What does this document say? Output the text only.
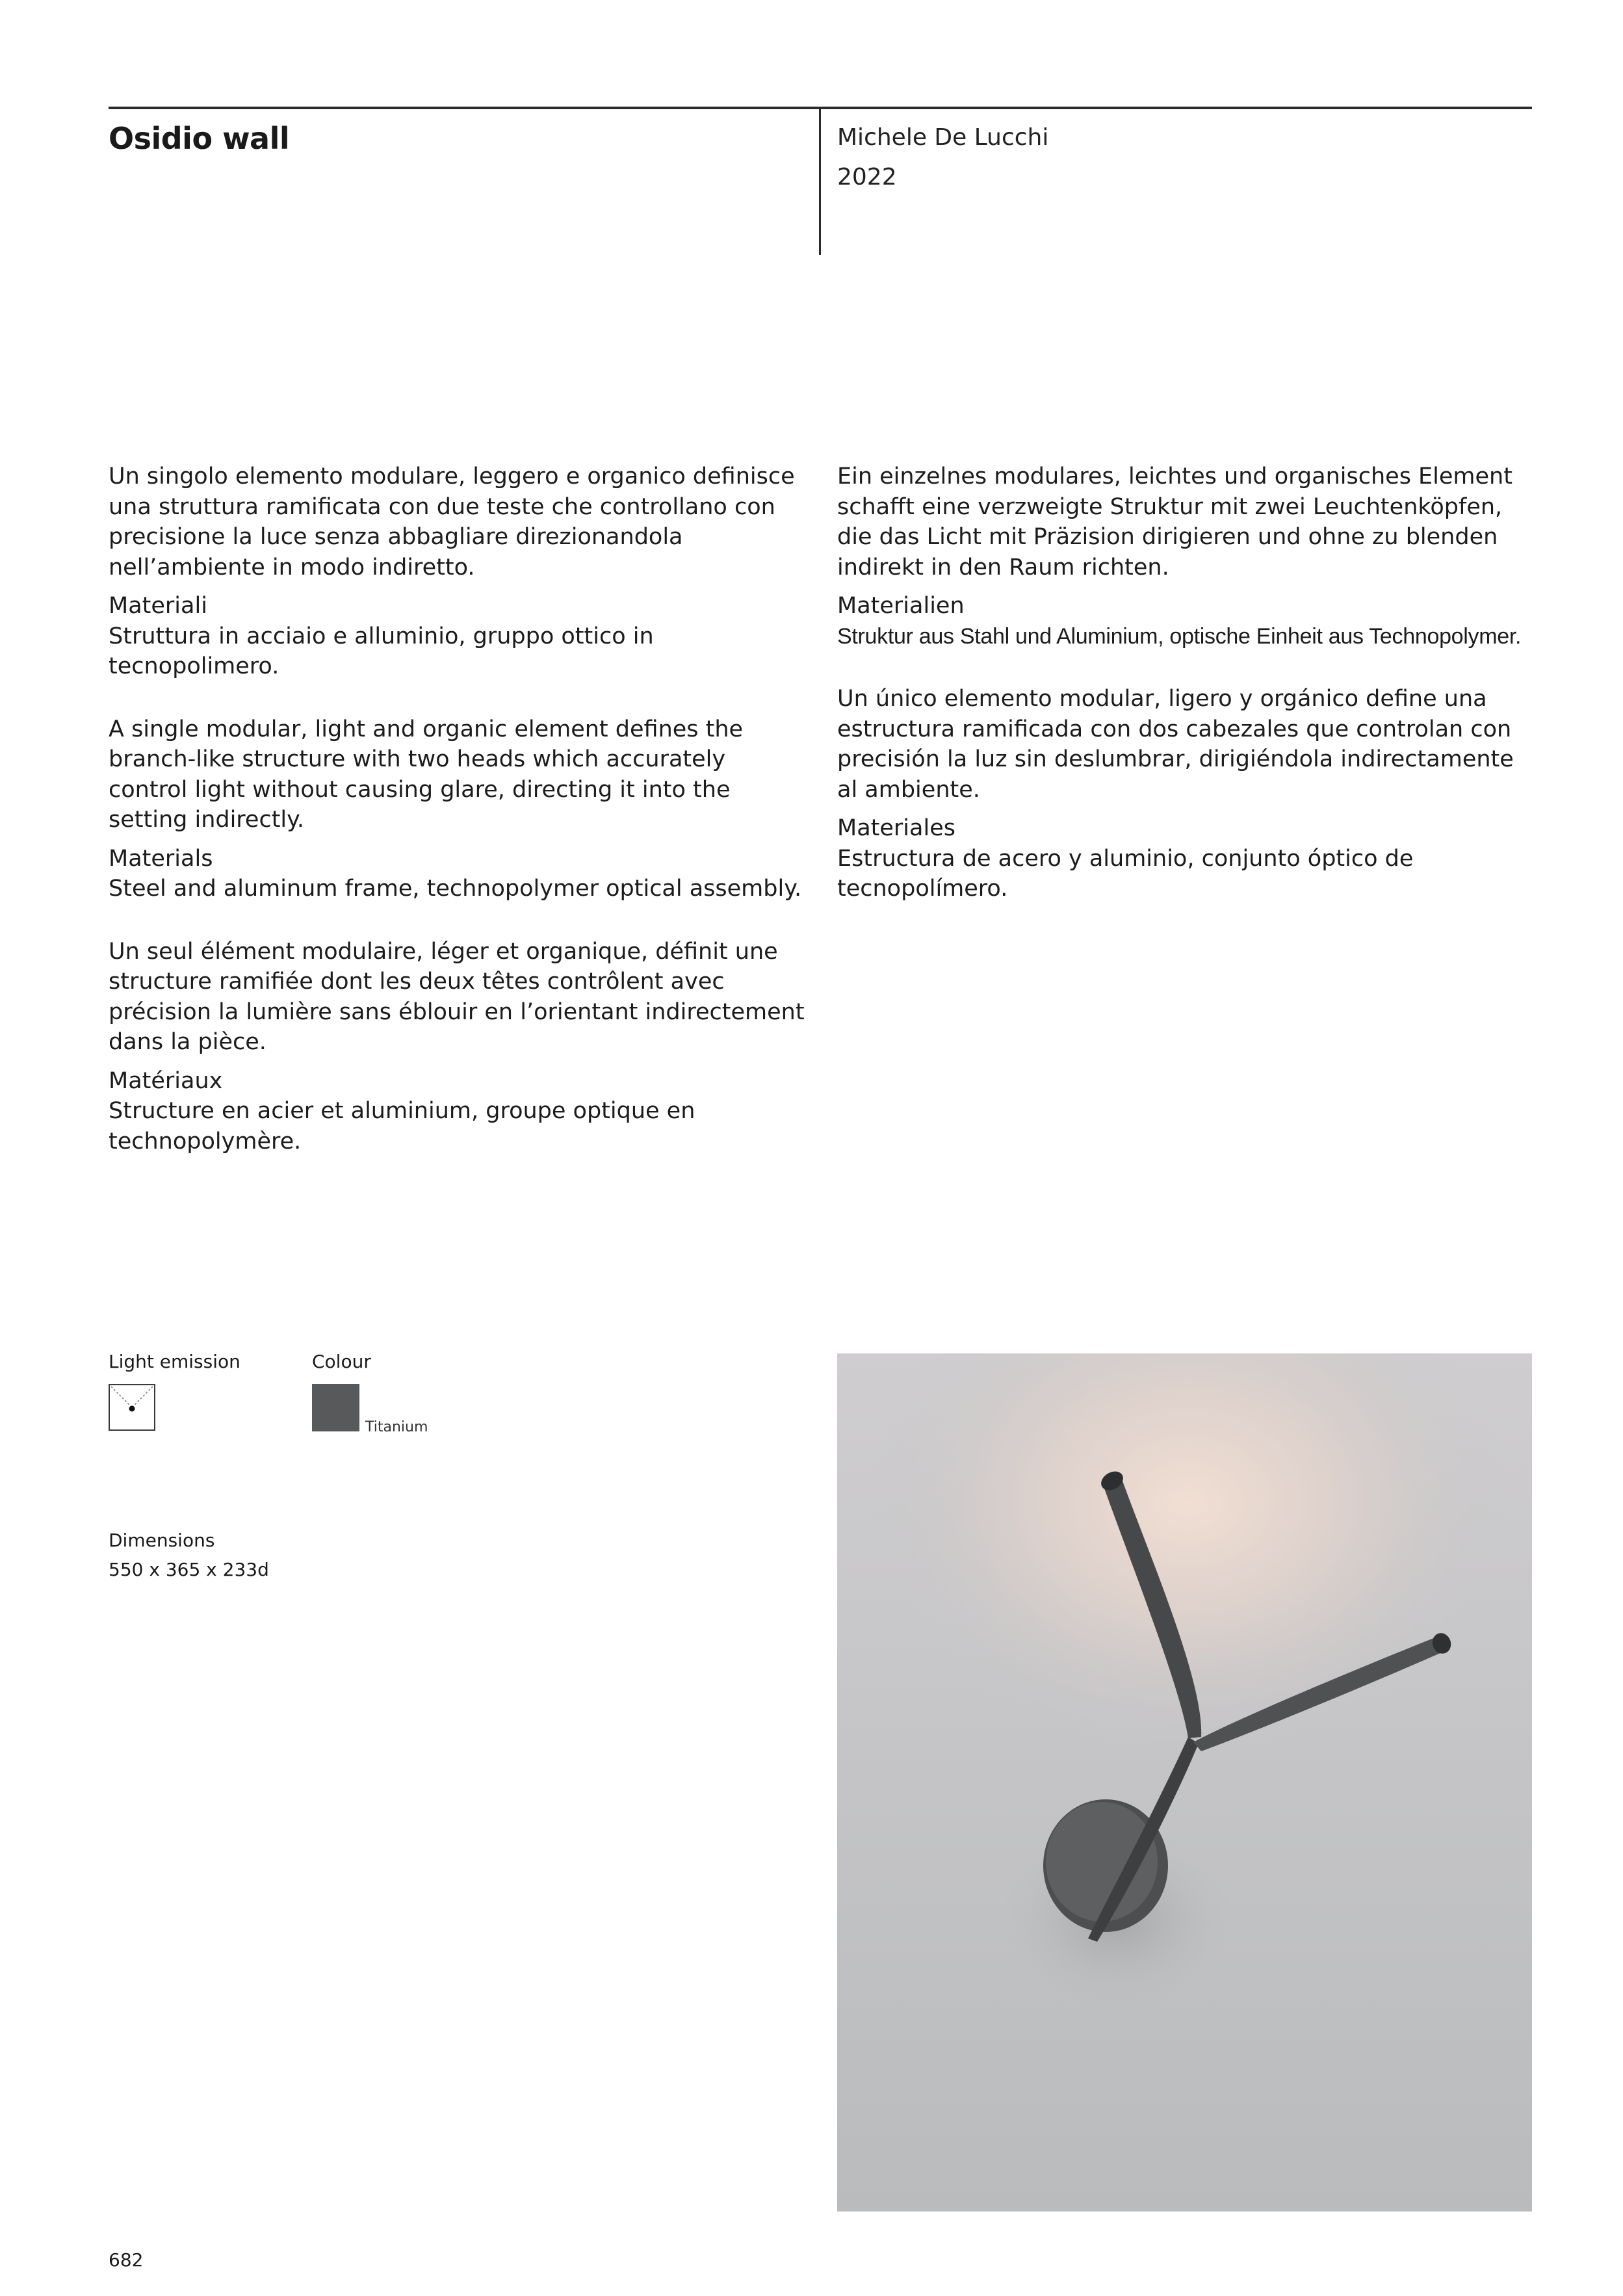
Osidio wall	Michele De Lucchi
2022

Un singolo elemento modulare, leggero e organico definisce una struttura ramificata con due teste che controllano con precisione la luce senza abbagliare direzionandola nell’ambiente in modo indiretto.

Materiali

Struttura in acciaio e alluminio, gruppo ottico in tecnopolimero.

A single modular, light and organic element defines the branch-like structure with two heads which accurately control light without causing glare, directing it into the setting indirectly.

Materials

Steel and aluminum frame, technopolymer optical assembly.

Un seul élément modulaire, léger et organique, définit une structure ramifiée dont les deux têtes contrôlent avec précision la lumière sans éblouir en l’orientant indirectement dans la pièce.

Matériaux

Structure en acier et aluminium, groupe optique en technopolymère.

Ein einzelnes modulares, leichtes und organisches Element schafft eine verzweigte Struktur mit zwei Leuchtenköpfen, die das Licht mit Präzision dirigieren und ohne zu blenden indirekt in den Raum richten.

Materialien

Struktur aus Stahl und Aluminium, optische Einheit aus Technopolymer.

Un único elemento modular, ligero y orgánico define una estructura ramificada con dos cabezales que controlan con precisión la luz sin deslumbrar, dirigiéndola indirectamente al ambiente.

Materiales

Estructura de acero y aluminio, conjunto óptico de tecnopolímero.

Light emission	Colour
Titanium
Dimensions
550 x 365 x 233d
682
